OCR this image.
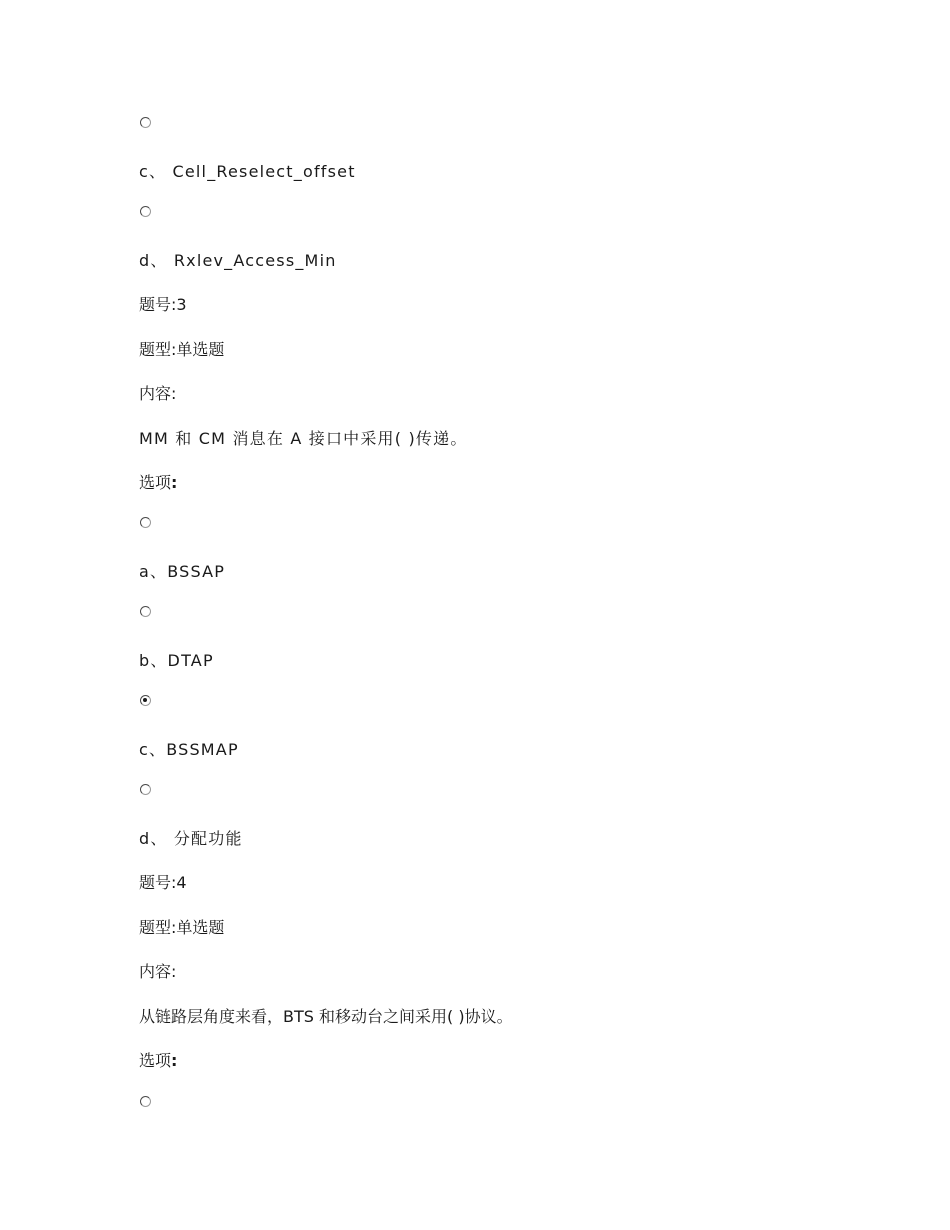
c、 Cell_Reselect_offset
d、 Rxlev_Access_Min
题号:3
题型:单选题
内容:
MM 和 CM 消息在 A 接口中采用( )传递。
选项:
a、BSSAP
b、DTAP
c、BSSMAP
d、 分配功能
题号:4
题型:单选题
内容:
从链路层角度来看，BTS 和移动台之间采用( )协议。
选项:
